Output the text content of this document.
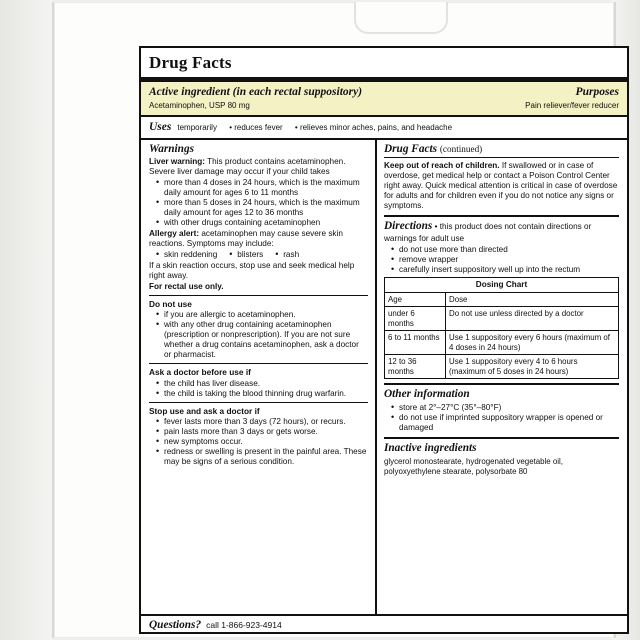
Drug Facts
Active ingredient (in each rectal suppository)	Purposes
Acetaminophen, USP 80 mg	Pain reliever/fever reducer
Uses temporarily • reduces fever • relieves minor aches, pains, and headache
Warnings

Liver warning: This product contains acetaminophen. Severe liver damage may occur if your child takes

• more than 4 doses in 24 hours, which is the maximum daily amount for ages 6 to 11 months
• more than 5 doses in 24 hours, which is the maximum daily amount for ages 12 to 36 months
• with other drugs containing acetaminophen

Allergy alert: acetaminophen may cause severe skin reactions. Symptoms may include:

• skin reddening	• blisters	• rash

If a skin reaction occurs, stop use and seek medical help right away.

For rectal use only.

Do not use
• if you are allergic to acetaminophen.
• with any other drug containing acetaminophen (prescription or nonprescription). If you are not sure whether a drug contains acetaminophen, ask a doctor or pharmacist.
Ask a doctor before use if
• the child has liver disease.
• the child is taking the blood thinning drug warfarin.
Stop use and ask a doctor if
• fever lasts more than 3 days (72 hours), or recurs.
• pain lasts more than 3 days or gets worse.
• new symptoms occur.
• redness or swelling is present in the painful area. These may be signs of a serious condition.
Drug Facts (continued)

Keep out of reach of children. If swallowed or in case of overdose, get medical help or contact a Poison Control Center right away. Quick medical attention is critical in case of overdose for adults and for children even if you do not notice any signs or symptoms.

Directions • this product does not contain directions or warnings for adult use

• do not use more than directed
• remove wrapper
• carefully insert suppository well up into the rectum
Dosing Chart	
Age	Dose
under 6 months	Do not use unless directed by a doctor
6 to 11 months	Use 1 suppository every 6 hours (maximum of 4 doses in 24 hours)
12 to 36 months	Use 1 suppository every 4 to 6 hours (maximum of 5 doses in 24 hours)
Other information
• store at 2°–27°C (35°–80°F)
• do not use if imprinted suppository wrapper is opened or damaged
Inactive ingredients

glycerol monostearate, hydrogenated vegetable oil, polyoxyethylene stearate, polysorbate 80

Questions? call 1-866-923-4914
